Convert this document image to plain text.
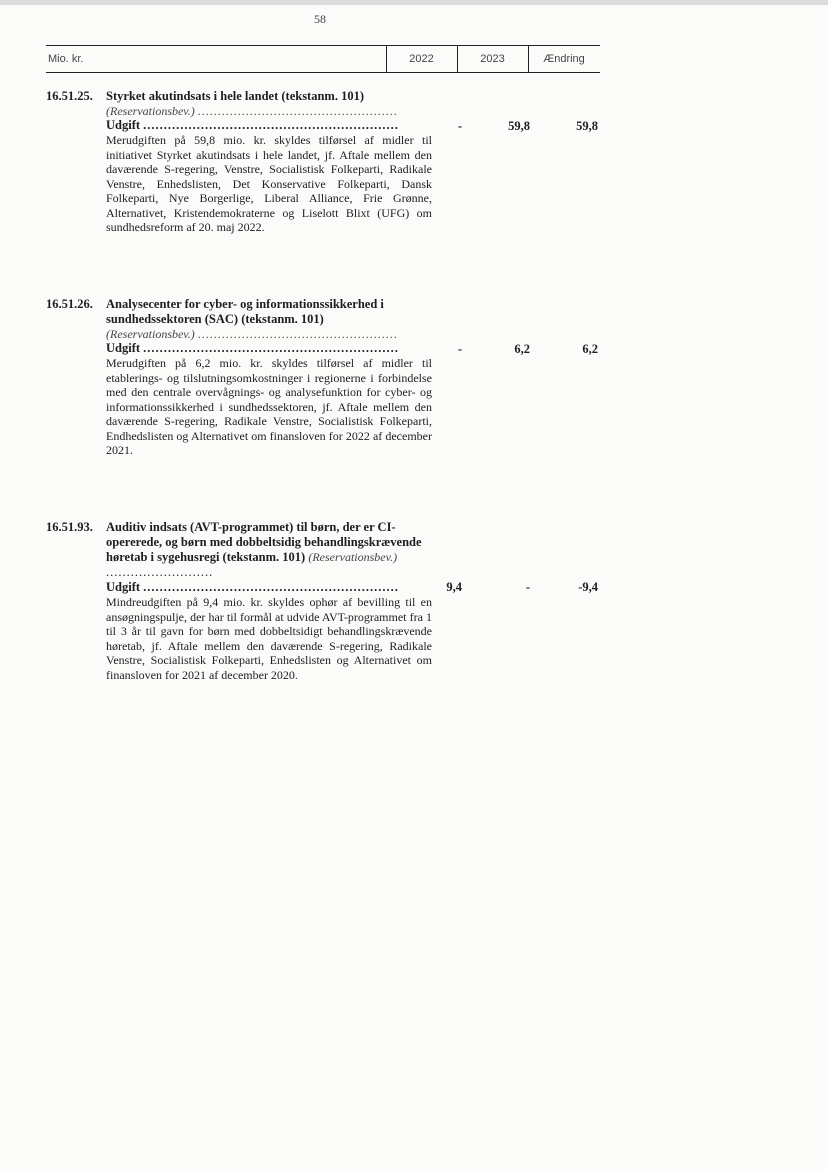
58
Mio. kr.	2022	2023	Ændring
16.51.25. Styrket akutindsats i hele landet (tekstanm. 101)
(Reservationsbev.) ..................................................
Udgift ..............................................................
Merudgiften på 59,8 mio. kr. skyldes tilførsel af midler til initiativet Styrket akutindsats i hele landet, jf. Aftale mellem den daværende S-regering, Venstre, Socialistisk Folkeparti, Radikale Venstre, Enhedslisten, Det Konservative Folkeparti, Dansk Folkeparti, Nye Borgerlige, Liberal Alliance, Frie Grønne, Alternativet, Kristendemokraterne og Liselott Blixt (UFG) om sundhedsreform af 20. maj 2022.
-	59,8	59,8
16.51.26. Analysecenter for cyber- og informationssikkerhed i sundhedssektoren (SAC) (tekstanm. 101)
(Reservationsbev.) ..................................................
Udgift ..............................................................
Merudgiften på 6,2 mio. kr. skyldes tilførsel af midler til etablerings- og tilslutningsomkostninger i regionerne i forbindelse med den centrale overvågnings- og analysefunktion for cyber- og informationssikkerhed i sundhedssektoren, jf. Aftale mellem den daværende S-regering, Radikale Venstre, Socialistisk Folkeparti, Endhedslisten og Alternativet om finansloven for 2022 af december 2021.
-	6,2	6,2
16.51.93. Auditiv indsats (AVT-programmet) til børn, der er CI-opererede, og børn med dobbeltsidig behandlingskrævende høretab i sygehusregi (tekstanm. 101) (Reservationsbev.) ..........................
Udgift ..............................................................
Mindreudgiften på 9,4 mio. kr. skyldes ophør af bevilling til en ansøgningspulje, der har til formål at udvide AVT-programmet fra 1 til 3 år til gavn for børn med dobbeltsidigt behandlingskrævende høretab, jf. Aftale mellem den daværende S-regering, Radikale Venstre, Socialistisk Folkeparti, Enhedslisten og Alternativet om finansloven for 2021 af december 2020.
9,4	-	-9,4
